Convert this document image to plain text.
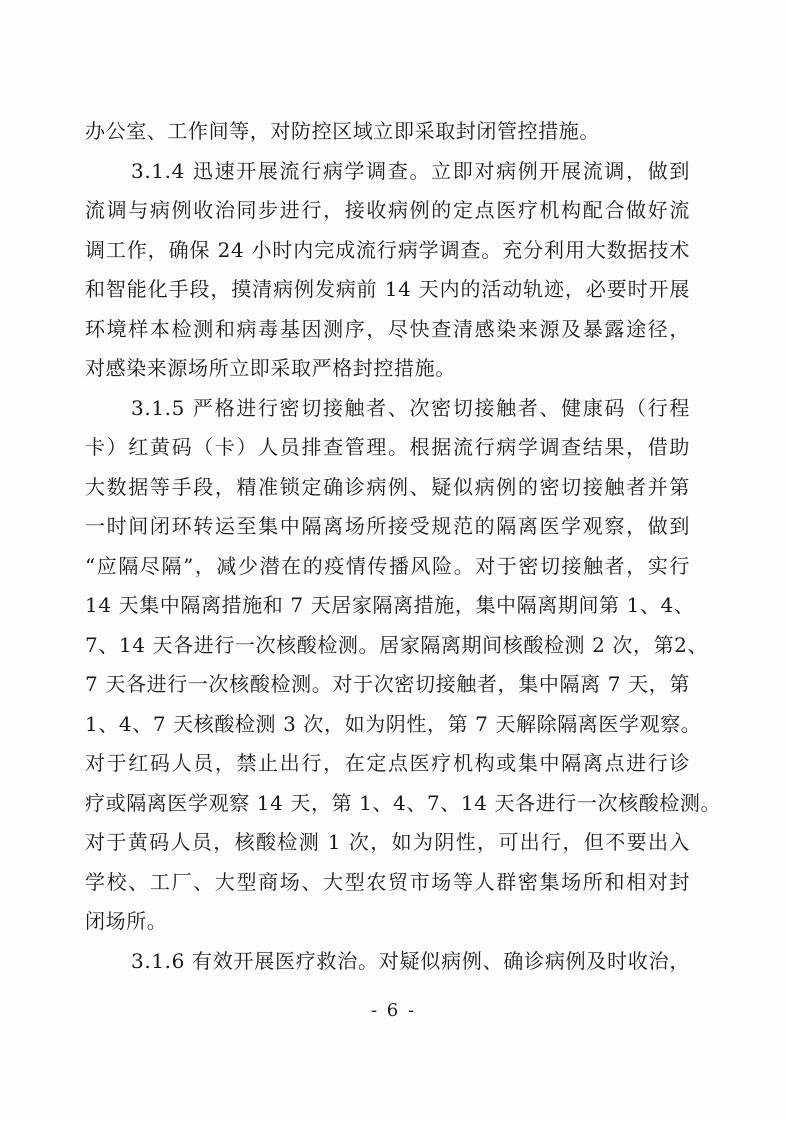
办公室、工作间等，对防控区域立即采取封闭管控措施。
3.1.4 迅速开展流行病学调查。立即对病例开展流调，做到
流调与病例收治同步进行，接收病例的定点医疗机构配合做好流
调工作，确保 24 小时内完成流行病学调查。充分利用大数据技术
和智能化手段，摸清病例发病前 14 天内的活动轨迹，必要时开展
环境样本检测和病毒基因测序，尽快查清感染来源及暴露途径，
对感染来源场所立即采取严格封控措施。
3.1.5 严格进行密切接触者、次密切接触者、健康码（行程
卡）红黄码（卡）人员排查管理。根据流行病学调查结果，借助
大数据等手段，精准锁定确诊病例、疑似病例的密切接触者并第
一时间闭环转运至集中隔离场所接受规范的隔离医学观察，做到
“应隔尽隔”，减少潜在的疫情传播风险。对于密切接触者，实行
14 天集中隔离措施和 7 天居家隔离措施，集中隔离期间第 1、4、
7、14 天各进行一次核酸检测。居家隔离期间核酸检测 2 次，第2、
7 天各进行一次核酸检测。对于次密切接触者，集中隔离 7 天，第
1、4、7 天核酸检测 3 次，如为阴性，第 7 天解除隔离医学观察。
对于红码人员，禁止出行，在定点医疗机构或集中隔离点进行诊
疗或隔离医学观察 14 天，第 1、4、7、14 天各进行一次核酸检测。
对于黄码人员，核酸检测 1 次，如为阴性，可出行，但不要出入
学校、工厂、大型商场、大型农贸市场等人群密集场所和相对封
闭场所。
3.1.6 有效开展医疗救治。对疑似病例、确诊病例及时收治，
- 6 -
